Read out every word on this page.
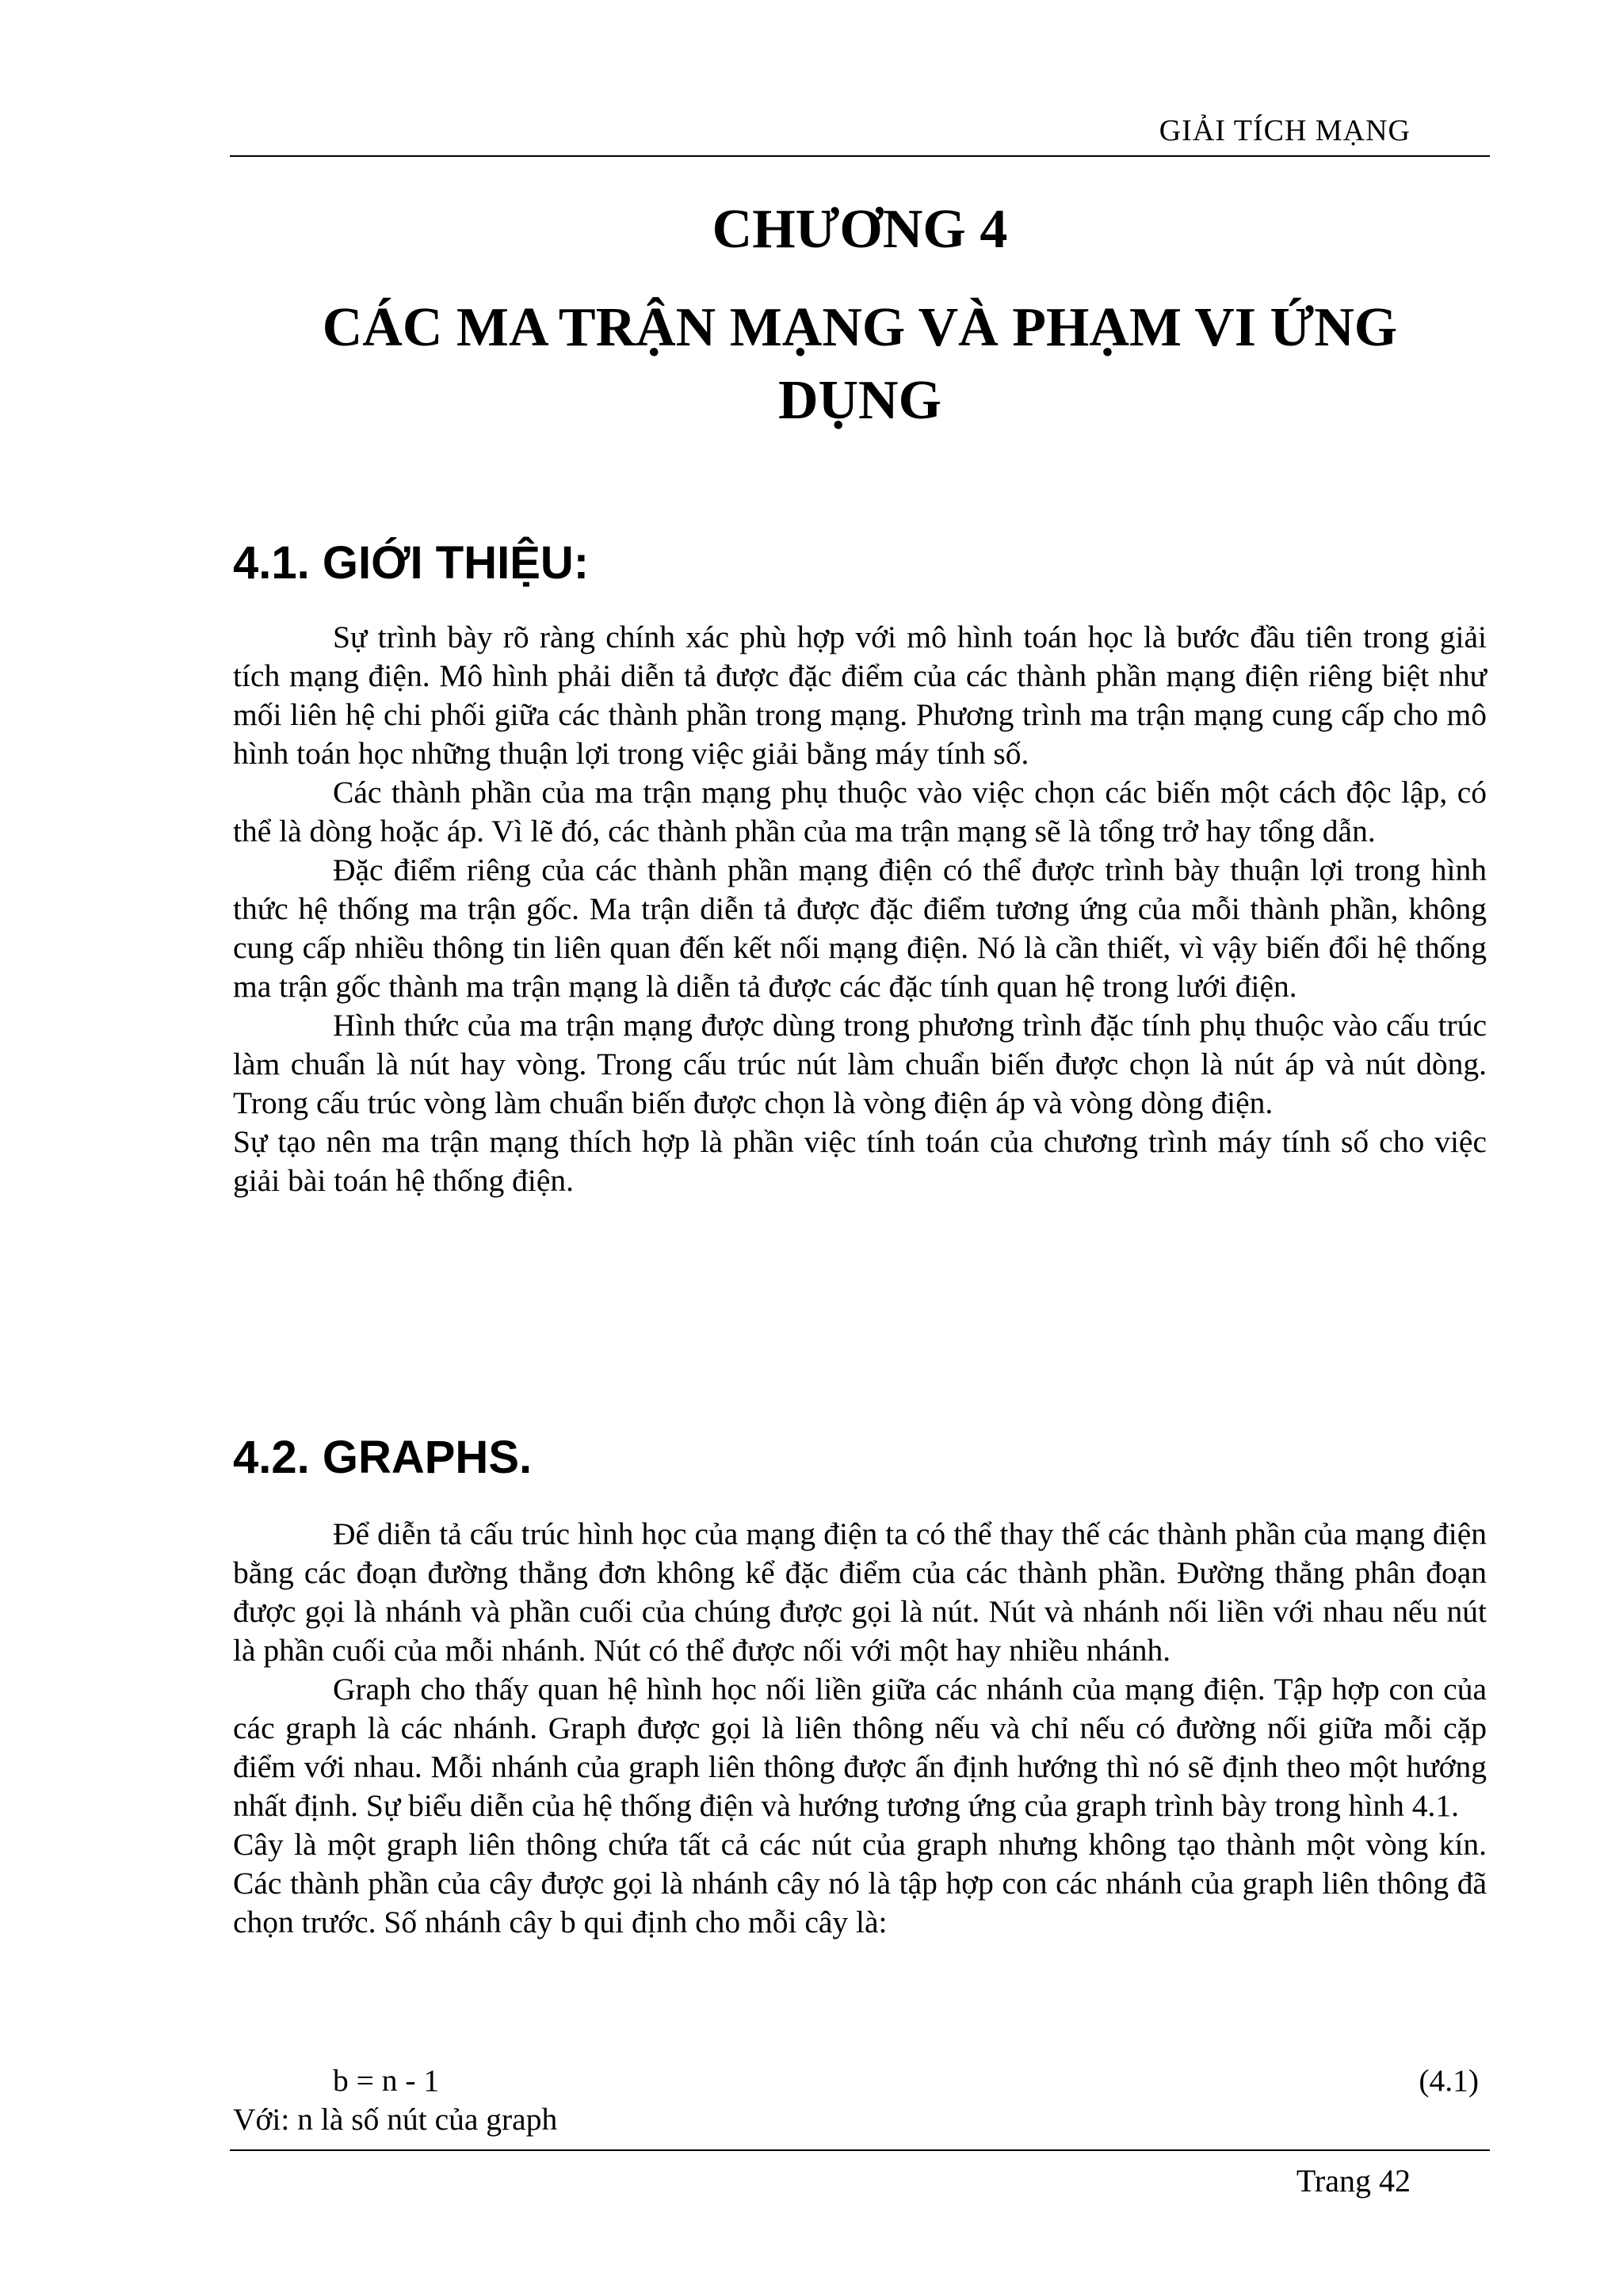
GIẢI TÍCH MẠNG
CHƯƠNG 4
CÁC MA TRẬN MẠNG VÀ PHẠM VI ỨNG
DỤNG
4.1. GIỚI THIỆU:

Sự trình bày rõ ràng chính xác phù hợp với mô hình toán học là bước đầu tiên trong giải tích mạng điện. Mô hình phải diễn tả được đặc điểm của các thành phần mạng điện riêng biệt như mối liên hệ chi phối giữa các thành phần trong mạng. Phương trình ma trận mạng cung cấp cho mô hình toán học những thuận lợi trong việc giải bằng máy tính số.

Các thành phần của ma trận mạng phụ thuộc vào việc chọn các biến một cách độc lập, có thể là dòng hoặc áp. Vì lẽ đó, các thành phần của ma trận mạng sẽ là tổng trở hay tổng dẫn.

Đặc điểm riêng của các thành phần mạng điện có thể được trình bày thuận lợi trong hình thức hệ thống ma trận gốc. Ma trận diễn tả được đặc điểm tương ứng của mỗi thành phần, không cung cấp nhiều thông tin liên quan đến kết nối mạng điện. Nó là cần thiết, vì vậy biến đổi hệ thống ma trận gốc thành ma trận mạng là diễn tả được các đặc tính quan hệ trong lưới điện.

Hình thức của ma trận mạng được dùng trong phương trình đặc tính phụ thuộc vào cấu trúc làm chuẩn là nút hay vòng. Trong cấu trúc nút làm chuẩn biến được chọn là nút áp và nút dòng. Trong cấu trúc vòng làm chuẩn biến được chọn là vòng điện áp và vòng dòng điện.

Sự tạo nên ma trận mạng thích hợp là phần việc tính toán của chương trình máy tính số cho việc giải bài toán hệ thống điện.

4.2. GRAPHS.

Để diễn tả cấu trúc hình học của mạng điện ta có thể thay thế các thành phần của mạng điện bằng các đoạn đường thẳng đơn không kể đặc điểm của các thành phần. Đường thẳng phân đoạn được gọi là nhánh và phần cuối của chúng được gọi là nút. Nút và nhánh nối liền với nhau nếu nút là phần cuối của mỗi nhánh. Nút có thể được nối với một hay nhiều nhánh.

Graph cho thấy quan hệ hình học nối liền giữa các nhánh của mạng điện. Tập hợp con của các graph là các nhánh. Graph được gọi là liên thông nếu và chỉ nếu có đường nối giữa mỗi cặp điểm với nhau. Mỗi nhánh của graph liên thông được ấn định hướng thì nó sẽ định theo một hướng nhất định. Sự biểu diễn của hệ thống điện và hướng tương ứng của graph trình bày trong hình 4.1.

Cây là một graph liên thông chứa tất cả các nút của graph nhưng không tạo thành một vòng kín. Các thành phần của cây được gọi là nhánh cây nó là tập hợp con các nhánh của graph liên thông đã chọn trước. Số nhánh cây b qui định cho mỗi cây là:

b = n - 1	(4.1)
Với: n là số nút của graph
Trang 42
